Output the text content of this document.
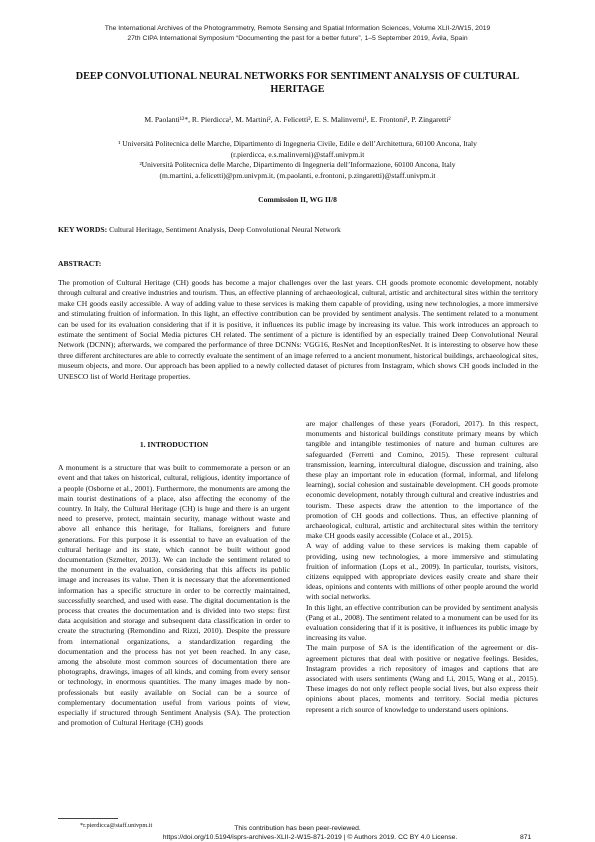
The International Archives of the Photogrammetry, Remote Sensing and Spatial Information Sciences, Volume XLII-2/W15, 2019
27th CIPA International Symposium “Documenting the past for a better future”, 1–5 September 2019, Ávila, Spain
DEEP CONVOLUTIONAL NEURAL NETWORKS FOR SENTIMENT ANALYSIS OF CULTURAL HERITAGE
M. Paolanti¹²*, R. Pierdicca¹, M. Martini², A. Felicetti², E. S. Malinverni¹, E. Frontoni², P. Zingaretti²
¹ Università Politecnica delle Marche, Dipartimento di Ingegneria Civile, Edile e dell’Architettura, 60100 Ancona, Italy
(r.pierdicca, e.s.malinverni)@staff.univpm.it
²Università Politecnica delle Marche, Dipartimento di Ingegneria dell’Informazione, 60100 Ancona, Italy
(m.martini, a.felicetti)@pm.univpm.it, (m.paolanti, e.frontoni, p.zingaretti)@staff.univpm.it
Commission II, WG II/8
KEY WORDS: Cultural Heritage, Sentiment Analysis, Deep Convolutional Neural Network
ABSTRACT:
The promotion of Cultural Heritage (CH) goods has become a major challenges over the last years. CH goods promote economic development, notably through cultural and creative industries and tourism. Thus, an effective planning of archaeological, cultural, artistic and architectural sites within the territory make CH goods easily accessible. A way of adding value to these services is making them capable of providing, using new technologies, a more immersive and stimulating fruition of information. In this light, an effective contribution can be provided by sentiment analysis. The sentiment related to a monument can be used for its evaluation considering that if it is positive, it influences its public image by increasing its value. This work introduces an approach to estimate the sentiment of Social Media pictures CH related. The sentiment of a picture is identified by an especially trained Deep Convolutional Neural Network (DCNN); afterwards, we compared the performance of three DCNNs: VGG16, ResNet and InceptionResNet. It is interesting to observe how these three different architectures are able to correctly evaluate the sentiment of an image referred to a ancient monument, historical buildings, archaeological sites, museum objects, and more. Our approach has been applied to a newly collected dataset of pictures from Instagram, which shows CH goods included in the UNESCO list of World Heritage properties.
1. INTRODUCTION

A monument is a structure that was built to commemorate a person or an event and that takes on historical, cultural, religious, identity importance of a people (Osborne et al., 2001). Furthermore, the monuments are among the main tourist destinations of a place, also affecting the economy of the country. In Italy, the Cultural Heritage (CH) is huge and there is an urgent need to preserve, protect, maintain security, manage without waste and above all enhance this heritage, for Italians, foreigners and future generations. For this purpose it is essential to have an evaluation of the cultural heritage and its state, which cannot be built without good documentation (Szmelter, 2013). We can include the sentiment related to the monument in the evaluation, considering that this affects its public image and increases its value. Then it is necessary that the aforementioned information has a specific structure in order to be correctly maintained, successfully searched, and used with ease. The digital documentation is the process that creates the documentation and is divided into two steps: first data acquisition and storage and subsequent data classification in order to create the structuring (Remondino and Rizzi, 2010). Despite the pressure from international organizations, a standardization regarding the documentation and the process has not yet been reached. In any case, among the absolute most common sources of documentation there are photographs, drawings, images of all kinds, and coming from every sensor or technology, in enormous quantities. The many images made by non-professionals but easily available on Social can be a source of complementary documentation useful from various points of view, especially if structured through Sentiment Analysis (SA). The protection and promotion of Cultural Heritage (CH) goods

are major challenges of these years (Foradori, 2017). In this respect, monuments and historical buildings constitute primary means by which tangible and intangible testimonies of nature and human cultures are safeguarded (Ferretti and Comino, 2015). These represent cultural transmission, learning, intercultural dialogue, discussion and training, also these play an important role in education (formal, informal, and lifelong learning), social cohesion and sustainable development. CH goods promote economic development, notably through cultural and creative industries and tourism. These aspects draw the attention to the importance of the promotion of CH goods and collections. Thus, an effective planning of archaeological, cultural, artistic and architectural sites within the territory make CH goods easily accessible (Colace et al., 2015).

A way of adding value to these services is making them capable of providing, using new technologies, a more immersive and stimulating fruition of information (Lops et al., 2009). In particular, tourists, visitors, citizens equipped with appropriate devices easily create and share their ideas, opinions and contents with millions of other people around the world with social networks.

In this light, an effective contribution can be provided by sentiment analysis (Pang et al., 2008). The sentiment related to a monument can be used for its evaluation considering that if it is positive, it influences its public image by increasing its value.

The main purpose of SA is the identification of the agreement or dis-agreement pictures that deal with positive or negative feelings. Besides, Instagram provides a rich repository of images and captions that are associated with users sentiments (Wang and Li, 2015, Wang et al., 2015). These images do not only reflect people social lives, but also express their opinions about places, moments and territory. Social media pictures represent a rich source of knowledge to understand users opinions.

*r.pierdicca@staff.univpm.it	This contribution has been peer-reviewed.
https://doi.org/10.5194/isprs-archives-XLII-2-W15-871-2019 | © Authors 2019. CC BY 4.0 License.	871
